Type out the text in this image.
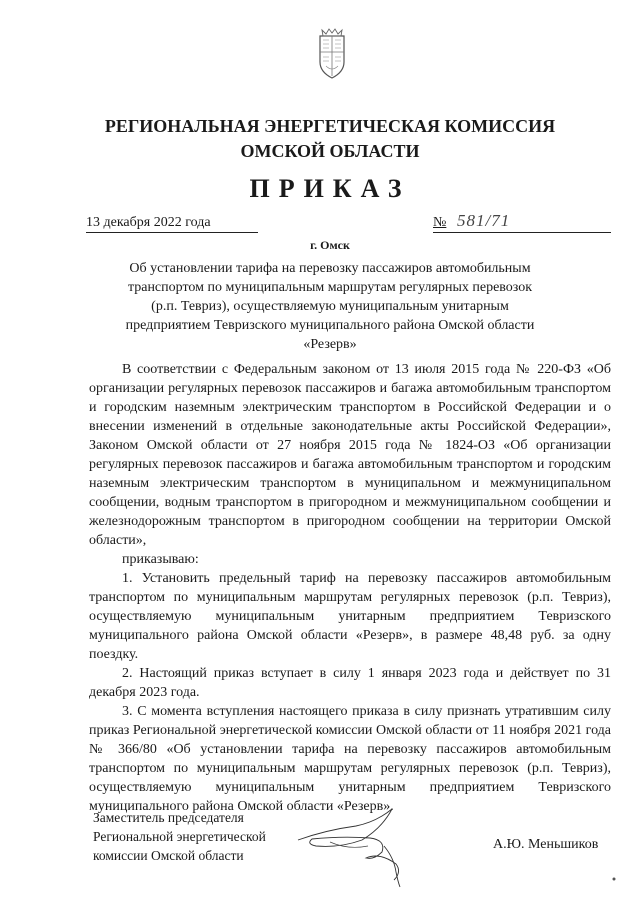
РЕГИОНАЛЬНАЯ ЭНЕРГЕТИЧЕСКАЯ КОМИССИЯ
ОМСКОЙ ОБЛАСТИ
ПРИКАЗ
13 декабря 2022 года	№ 581/71
г. Омск
Об установлении тарифа на перевозку пассажиров автомобильным
транспортом по муниципальным маршрутам регулярных перевозок
(р.п. Тевриз), осуществляемую муниципальным унитарным
предприятием Тевризского муниципального района Омской области
«Резерв»

В соответствии с Федеральным законом от 13 июля 2015 года № 220-ФЗ «Об организации регулярных перевозок пассажиров и багажа автомобильным транспортом и городским наземным электрическим транспортом в Российской Федерации и о внесении изменений в отдельные законодательные акты Российской Федерации», Законом Омской области от 27 ноября 2015 года № 1824-ОЗ «Об организации регулярных перевозок пассажиров и багажа автомобильным транспортом и городским наземным электрическим транспортом в муниципальном и межмуниципальном сообщении, водным транспортом в пригородном и межмуниципальном сообщении и железнодорожным транспортом в пригородном сообщении на территории Омской области»,

приказываю:

1. Установить предельный тариф на перевозку пассажиров автомобильным транспортом по муниципальным маршрутам регулярных перевозок (р.п. Тевриз), осуществляемую муниципальным унитарным предприятием Тевризского муниципального района Омской области «Резерв», в размере 48,48 руб. за одну поездку.

2. Настоящий приказ вступает в силу 1 января 2023 года и действует по 31 декабря 2023 года.

3. С момента вступления настоящего приказа в силу признать утратившим силу приказ Региональной энергетической комиссии Омской области от 11 ноября 2021 года № 366/80 «Об установлении тарифа на перевозку пассажиров автомобильным транспортом по муниципальным маршрутам регулярных перевозок (р.п. Тевриз), осуществляемую муниципальным унитарным предприятием Тевризского муниципального района Омской области «Резерв».

Заместитель председателя
Региональной энергетической
комиссии Омской области
А.Ю. Меньшиков
